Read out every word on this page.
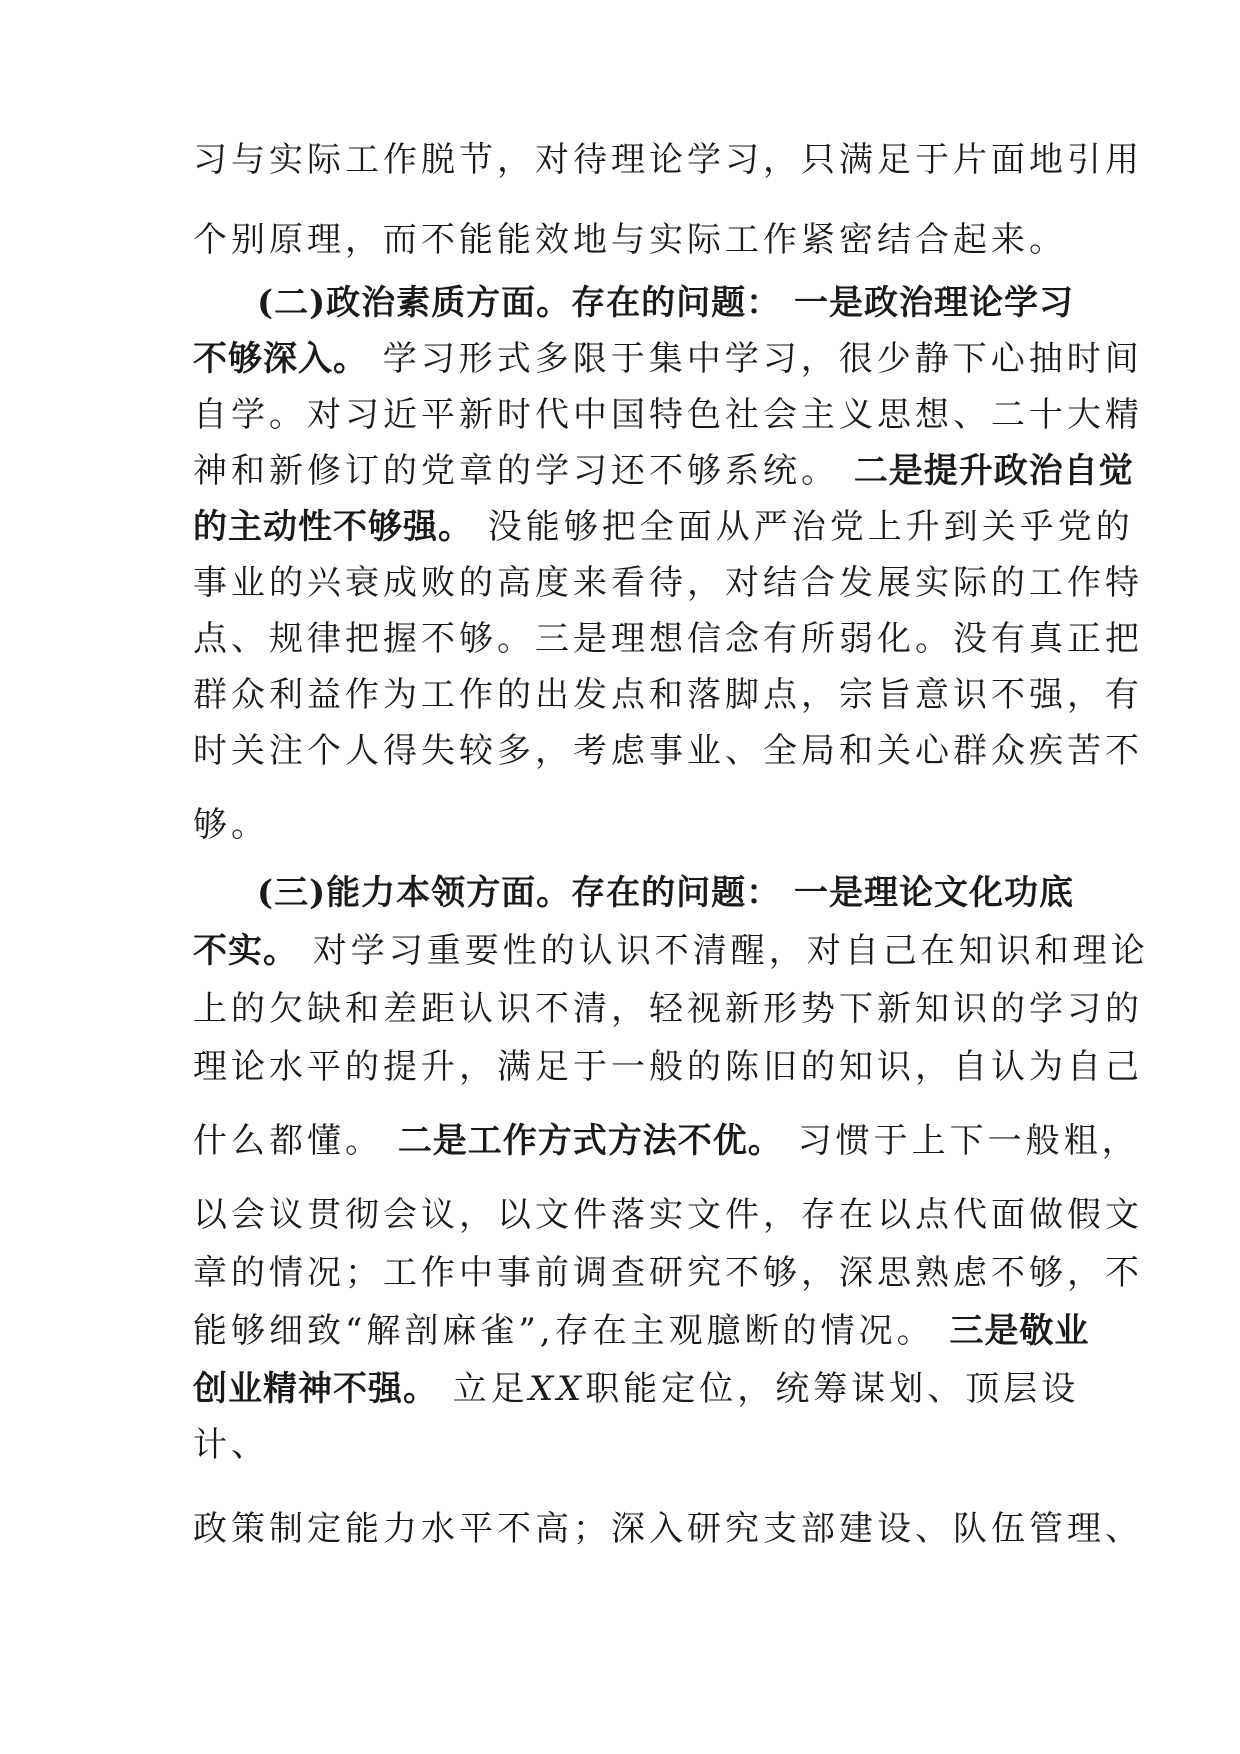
习与实际工作脱节，对待理论学习，只满足于片面地引用
个别原理，而不能能效地与实际工作紧密结合起来。
(二)政治素质方面。存在的问题： 一是政治理论学习
不够深入。 学习形式多限于集中学习，很少静下心抽时间
自学。对习近平新时代中国特色社会主义思想、二十大精
神和新修订的党章的学习还不够系统。 二是提升政治自觉
的主动性不够强。 没能够把全面从严治党上升到关乎党的
事业的兴衰成败的高度来看待，对结合发展实际的工作特
点、规律把握不够。三是理想信念有所弱化。没有真正把
群众利益作为工作的出发点和落脚点，宗旨意识不强，有
时关注个人得失较多，考虑事业、全局和关心群众疾苦不
够。
(三)能力本领方面。存在的问题： 一是理论文化功底
不实。 对学习重要性的认识不清醒，对自己在知识和理论
上的欠缺和差距认识不清，轻视新形势下新知识的学习的
理论水平的提升，满足于一般的陈旧的知识，自认为自己
什么都懂。 二是工作方式方法不优。 习惯于上下一般粗，
以会议贯彻会议，以文件落实文件，存在以点代面做假文
章的情况；工作中事前调查研究不够，深思熟虑不够，不
能够细致“解剖麻雀”,存在主观臆断的情况。 三是敬业
创业精神不强。 立足XX职能定位，统筹谋划、顶层设
计、
政策制定能力水平不高；深入研究支部建设、队伍管理、
